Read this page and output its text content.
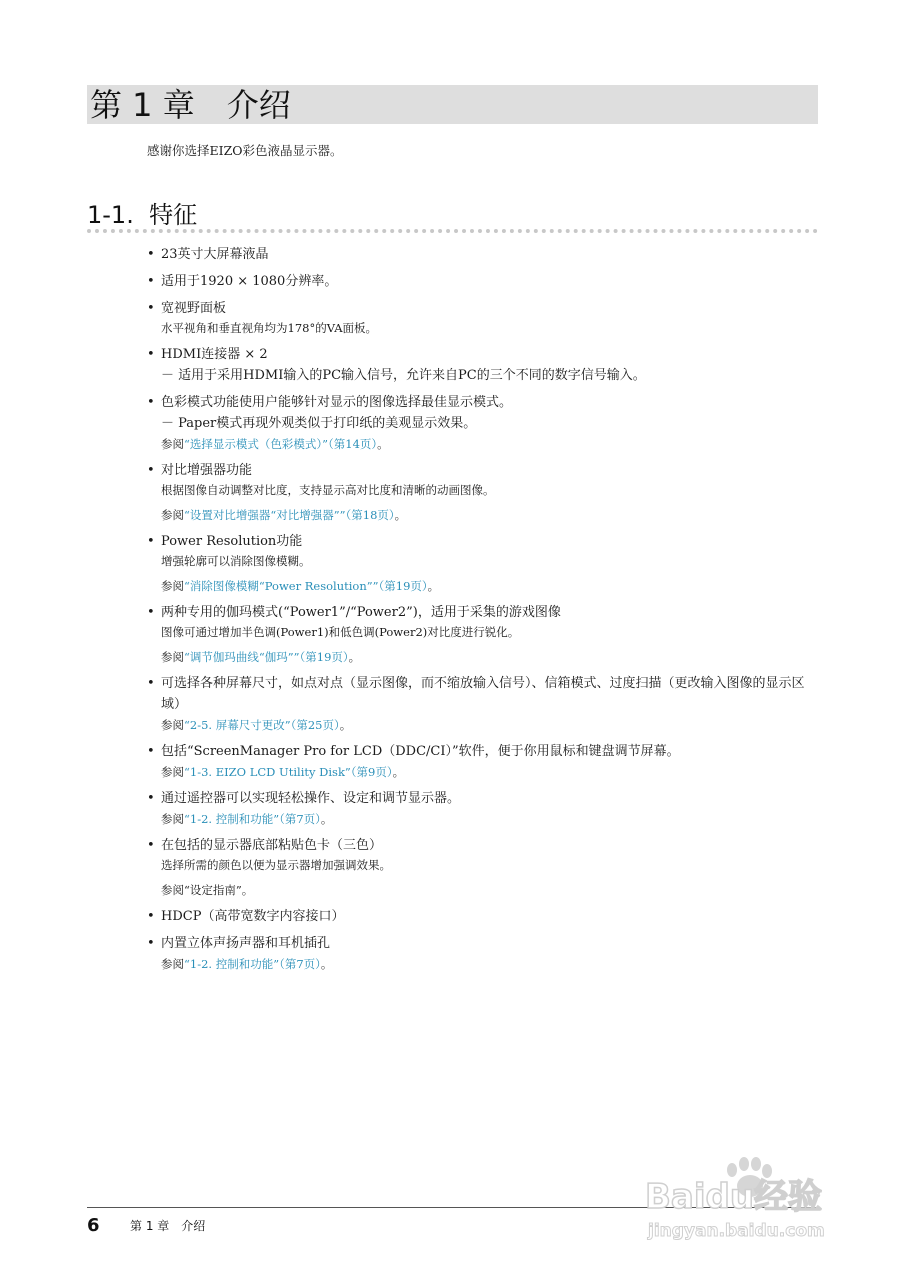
第 1 章　介绍
感谢你选择EIZO彩色液晶显示器。
1-1.  特征
• 23英寸大屏幕液晶
• 适用于1920 × 1080分辨率。
• 宽视野面板
水平视角和垂直视角均为178°的VA面板。
• HDMI连接器 × 2
－ 适用于采用HDMI输入的PC输入信号，允许来自PC的三个不同的数字信号输入。
• 色彩模式功能使用户能够针对显示的图像选择最佳显示模式。
－ Paper模式再现外观类似于打印纸的美观显示效果。
参阅“选择显示模式（色彩模式）”（第14页）。
• 对比增强器功能
根据图像自动调整对比度，支持显示高对比度和清晰的动画图像。
参阅“设置对比增强器“对比增强器””（第18页）。
• Power Resolution功能
增强轮廓可以消除图像模糊。
参阅“消除图像模糊“Power Resolution””（第19页）。
• 两种专用的伽玛模式(“Power1”/“Power2”)，适用于采集的游戏图像
图像可通过增加半色调(Power1)和低色调(Power2)对比度进行锐化。
参阅“调节伽玛曲线“伽玛””（第19页）。
• 可选择各种屏幕尺寸，如点对点（显示图像，而不缩放输入信号）、信箱模式、过度扫描（更改输入图像的显示区域）
参阅“2-5. 屏幕尺寸更改”（第25页）。
• 包括“ScreenManager Pro for LCD（DDC/CI）”软件，便于你用鼠标和键盘调节屏幕。
参阅“1-3. EIZO LCD Utility Disk”（第9页）。
• 通过遥控器可以实现轻松操作、设定和调节显示器。
参阅“1-2. 控制和功能”（第7页）。
• 在包括的显示器底部粘贴色卡（三色）
选择所需的颜色以便为显示器增加强调效果。
参阅“设定指南”。
• HDCP（高带宽数字内容接口）
• 内置立体声扬声器和耳机插孔
参阅“1-2. 控制和功能”（第7页）。
6	第 1 章　介绍
Baidu经验
jingyan.baidu.com
